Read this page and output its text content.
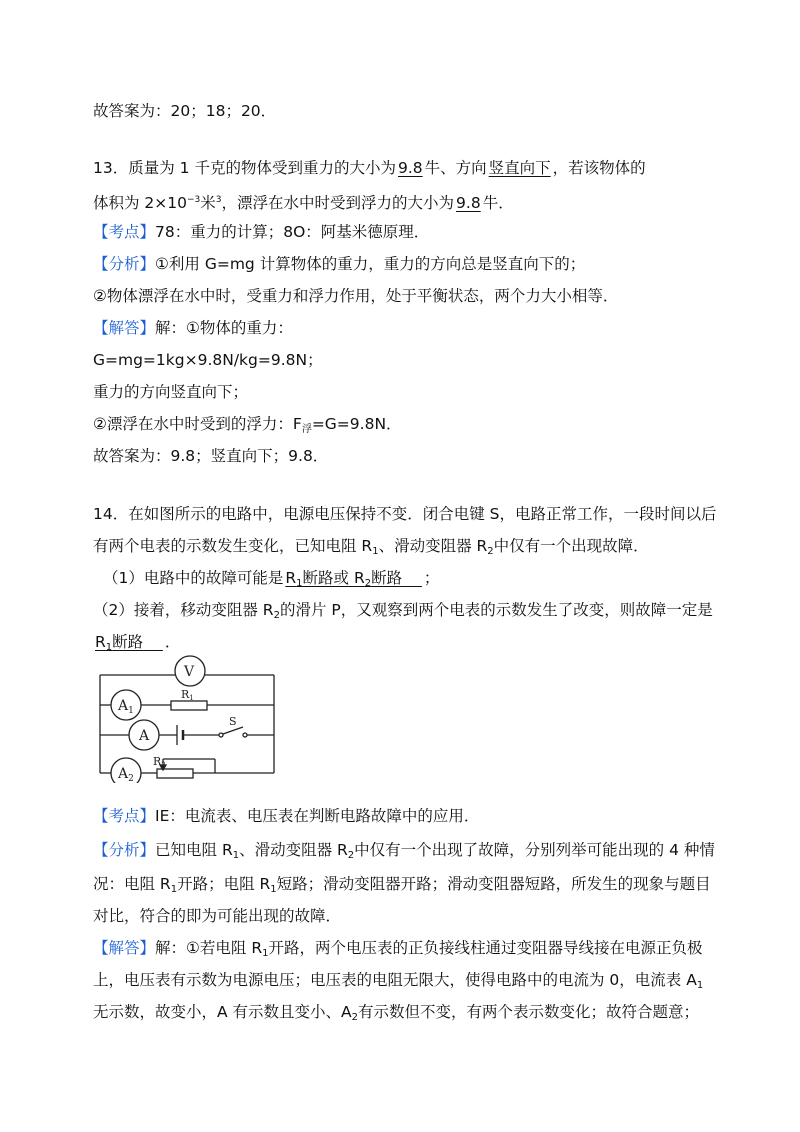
故答案为：20；18；20．
13．质量为 1 千克的物体受到重力的大小为 9.8 牛、方向 竖直向下 ，若该物体的
体积为 $2\times 10^{-3}$米$^3$，漂浮在水中时受到浮力的大小为 9.8 牛．
【考点】78：重力的计算；8O：阿基米德原理．
【分析】①利用 G=mg 计算物体的重力，重力的方向总是竖直向下的；
②物体漂浮在水中时，受重力和浮力作用，处于平衡状态，两个力大小相等．
【解答】解：①物体的重力：
G=mg=1kg×9.8N/kg=9.8N；
重力的方向竖直向下；
②漂浮在水中时受到的浮力：$F_浮=G=9.8N$．
故答案为：9.8；竖直向下；9.8．
14．在如图所示的电路中，电源电压保持不变．闭合电键 S，电路正常工作，一段时间以后
有两个电表的示数发生变化，已知电阻 $R_1$、滑动变阻器 $R_2$中仅有一个出现故障．
（1）电路中的故障可能是 $R_1$断路或 $R_2$断路 ；
（2）接着，移动变阻器 $R_2$的滑片 P，又观察到两个电表的示数发生了改变，则故障一定是
$R_1$断路 ．
V
$A_1$
A
$A_2$
R1
S
R2
【考点】IE：电流表、电压表在判断电路故障中的应用．
【分析】已知电阻 $R_1$、滑动变阻器 $R_2$中仅有一个出现了故障，分别列举可能出现的 4 种情
况：电阻 $R_1$开路；电阻 $R_1$短路；滑动变阻器开路；滑动变阻器短路，所发生的现象与题目
对比，符合的即为可能出现的故障．
【解答】解：①若电阻 $R_1$开路，两个电压表的正负接线柱通过变阻器导线接在电源正负极
上，电压表有示数为电源电压；电压表的电阻无限大，使得电路中的电流为 0，电流表 $A_1$
无示数，故变小，A 有示数且变小、$A_2$有示数但不变，有两个表示数变化；故符合题意；
